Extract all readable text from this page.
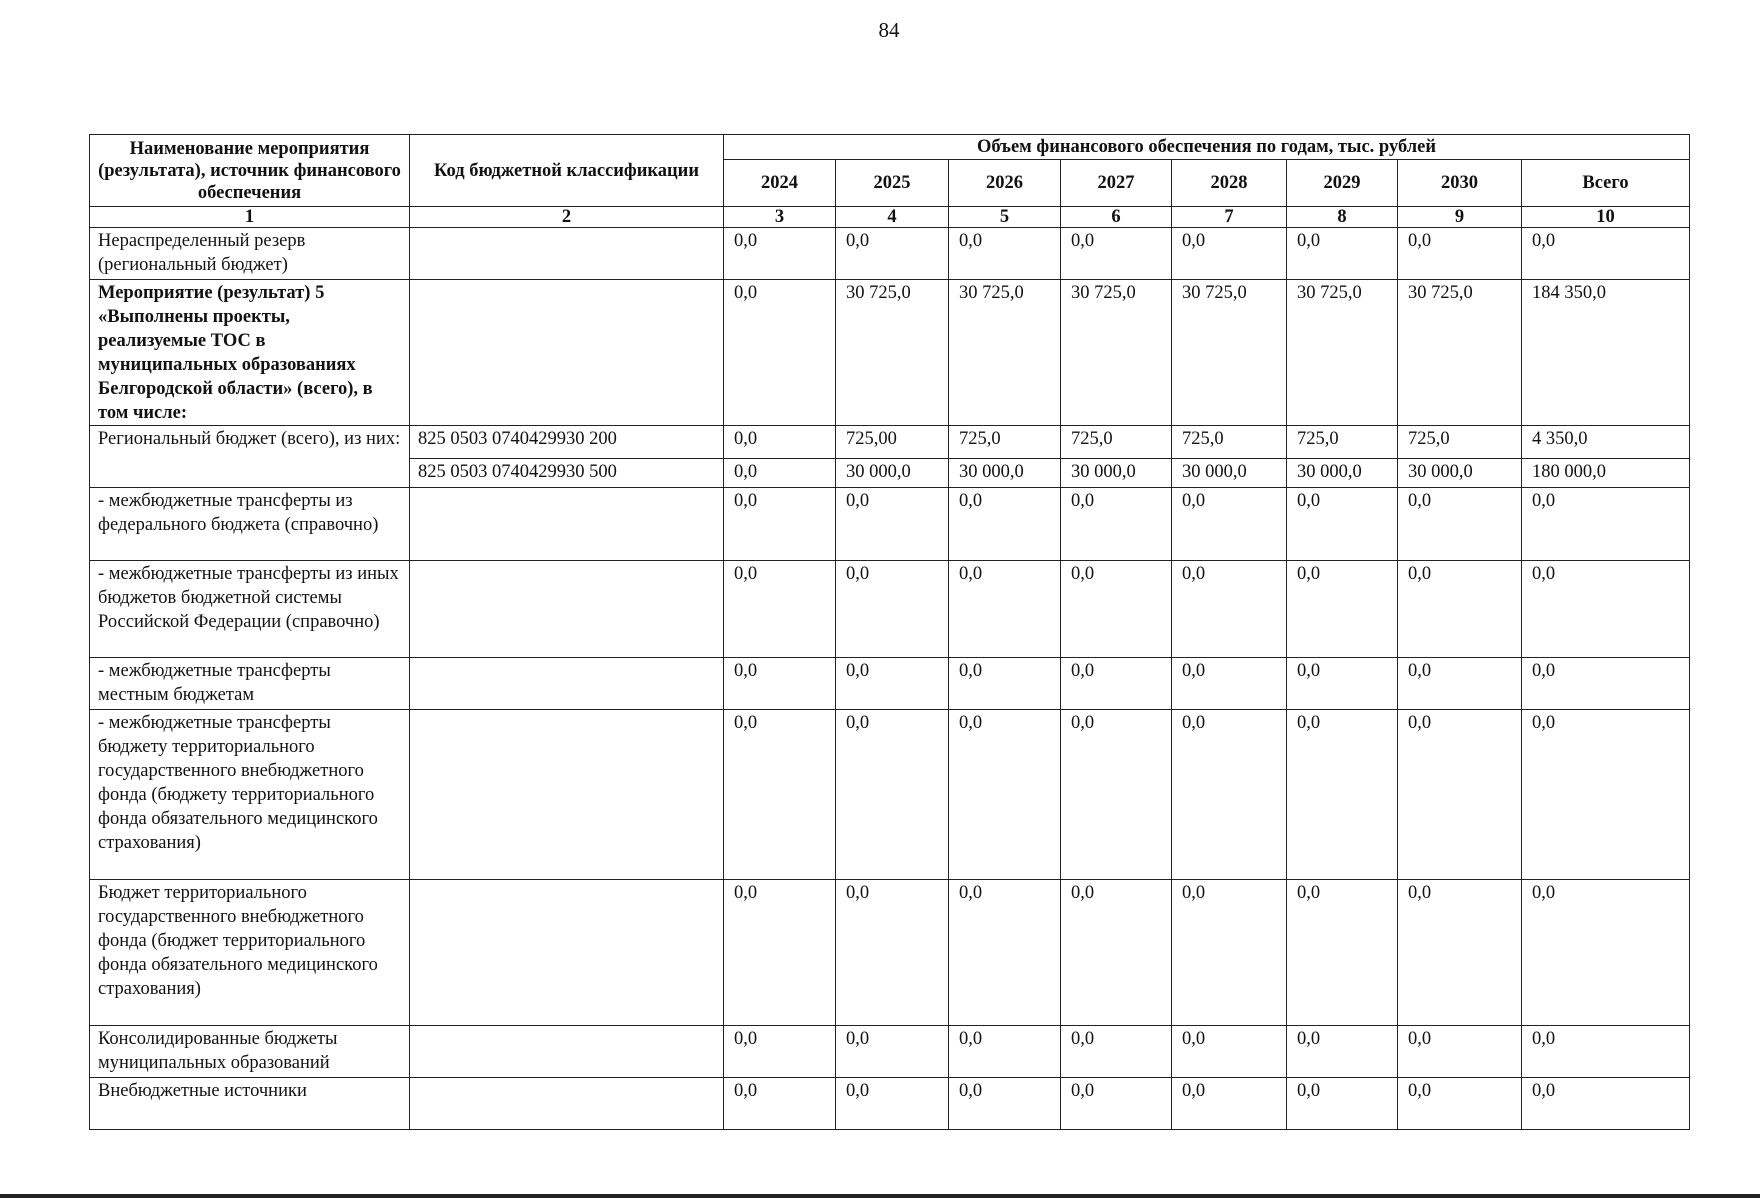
84
Наименование мероприятия (результата), источник финансового обеспечения	Код бюджетной классификации	Объем финансового обеспечения по годам, тыс. рублей							
		2024	2025	2026	2027	2028	2029	2030	Всего
1	2	3	4	5	6	7	8	9	10
Нераспределенный резерв (региональный бюджет)		0,0	0,0	0,0	0,0	0,0	0,0	0,0	0,0
Мероприятие (результат) 5 «Выполнены проекты, реализуемые ТОС в муниципальных образованиях Белгородской области» (всего), в том числе:		0,0	30 725,0	30 725,0	30 725,0	30 725,0	30 725,0	30 725,0	184 350,0
Региональный бюджет (всего), из них:	825 0503 0740429930 200	0,0	725,00	725,0	725,0	725,0	725,0	725,0	4 350,0
	825 0503 0740429930 500	0,0	30 000,0	30 000,0	30 000,0	30 000,0	30 000,0	30 000,0	180 000,0
- межбюджетные трансферты из федерального бюджета (справочно)		0,0	0,0	0,0	0,0	0,0	0,0	0,0	0,0
- межбюджетные трансферты из иных бюджетов бюджетной системы Российской Федерации (справочно)		0,0	0,0	0,0	0,0	0,0	0,0	0,0	0,0
- межбюджетные трансферты местным бюджетам		0,0	0,0	0,0	0,0	0,0	0,0	0,0	0,0
- межбюджетные трансферты бюджету территориального государственного внебюджетного фонда (бюджету территориального фонда обязательного медицинского страхования)		0,0	0,0	0,0	0,0	0,0	0,0	0,0	0,0
Бюджет территориального государственного внебюджетного фонда (бюджет территориального фонда обязательного медицинского страхования)		0,0	0,0	0,0	0,0	0,0	0,0	0,0	0,0
Консолидированные бюджеты муниципальных образований		0,0	0,0	0,0	0,0	0,0	0,0	0,0	0,0
Внебюджетные источники		0,0	0,0	0,0	0,0	0,0	0,0	0,0	0,0
